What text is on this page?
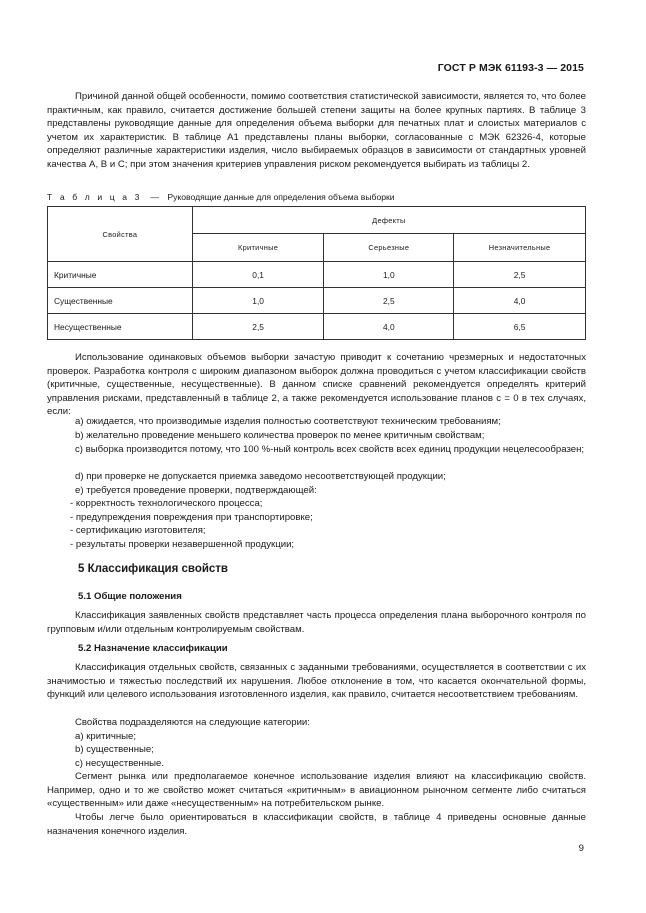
ГОСТ Р МЭК 61193-3 — 2015

Причиной данной общей особенности, помимо соответствия статистической зависимости, является то, что более практичным, как правило, считается достижение большей степени защиты на более крупных партиях. В таблице 3 представлены руководящие данные для определения объема выборки для печатных плат и слоистых материалов с учетом их характеристик. В таблице А1 представлены планы выборки, согласованные с МЭК 62326-4, которые определяют различные характеристики изделия, число выбираемых образцов в зависимости от стандартных уровней качества А, В и С; при этом значения критериев управления риском рекомендуется выбирать из таблицы 2.

Т а б л и ц а 3 — Руководящие данные для определения объема выборки
Свойства	Дефекты		
	Критичные	Серьезные	Незначительные
Критичные	0,1	1,0	2,5
Существенные	1,0	2,5	4,0
Несущественные	2,5	4,0	6,5

Использование одинаковых объемов выборки зачастую приводит к сочетанию чрезмерных и недостаточных проверок. Разработка контроля с широким диапазоном выборок должна проводиться с учетом классификации свойств (критичные, существенные, несущественные). В данном списке сравнений рекомендуется определять критерий управления рисками, представленный в таблице 2, а также рекомендуется использование планов с = 0 в тех случаях, если:

a) ожидается, что производимые изделия полностью соответствуют техническим требованиям;
b) желательно проведение меньшего количества проверок по менее критичным свойствам;

c) выборка производится потому, что 100 %-ный контроль всех свойств всех единиц продукции нецелесообразен;

d) при проверке не допускается приемка заведомо несоответствующей продукции;
e) требуется проведение проверки, подтверждающей:
- корректность технологического процесса;
- предупреждения повреждения при транспортировке;
- сертификацию изготовителя;
- результаты проверки незавершенной продукции;
5 Классификация свойств
5.1 Общие положения

Классификация заявленных свойств представляет часть процесса определения плана выборочного контроля по групповым и/или отдельным контролируемым свойствам.

5.2 Назначение классификации

Классификация отдельных свойств, связанных с заданными требованиями, осуществляется в соответствии с их значимостью и тяжестью последствий их нарушения. Любое отклонение в том, что касается окончательной формы, функций или целевого использования изготовленного изделия, как правило, считается несоответствием требованиям.

Свойства подразделяются на следующие категории:
a) критичные;
b) существенные;
c) несущественные.

Сегмент рынка или предполагаемое конечное использование изделия влияют на классификацию свойств. Например, одно и то же свойство может считаться «критичным» в авиационном рыночном сегменте либо считаться «существенным» или даже «несущественным» на потребительском рынке.

Чтобы легче было ориентироваться в классификации свойств, в таблице 4 приведены основные данные назначения конечного изделия.

9
